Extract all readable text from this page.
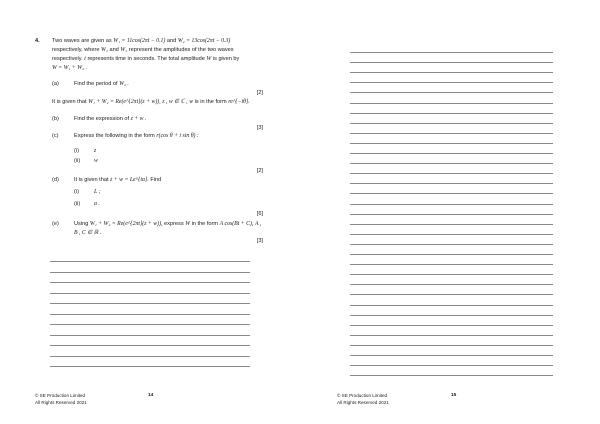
4. Two waves are given as W₁ = 11cos(2πt − 0.1) and W₂ = 13cos(2πt − 0.3)
respectively, where W₁ and W₂ represent the amplitudes of the two waves
respectively. t represents time in seconds. The total amplitude W is given by
W = W₁ + W₂ .
(a)	Find the period of W₂ .
[2]
It is given that W₁ + W₂ = Re(e^{2πt}(z + w)), z , w ∈ ℂ , w is in the form re^{−iθ}.
(b)	Find the expression of z + w .
[3]
(c)	Express the following in the form r(cos θ + i sin θ) :
(i)	z
(ii) w
[2]
(d)	It is given that z + w = Le^{iα}. Find
(i)	L ;
(ii) α .
[6]
(e)	Using W₁ + W₂ = Re(e^{2πt}(z + w)), express W in the form A cos(Bt + C), A ,
B , C ∈ ℝ .
[3]
© SE Production Limited
All Rights Reserved 2021
14	© SE Production Limited
All Rights Reserved 2021
15
